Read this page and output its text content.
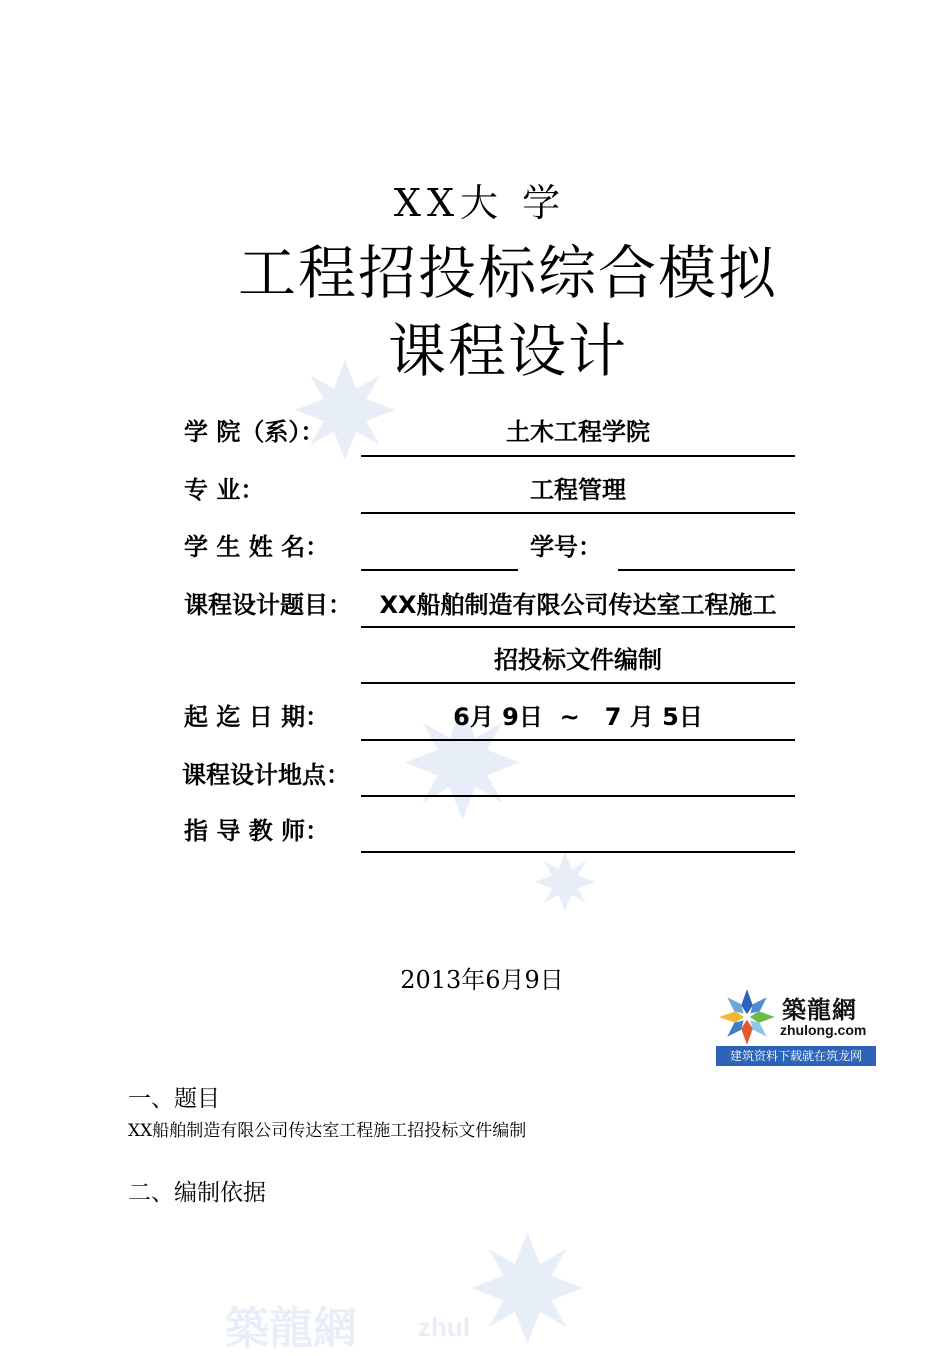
築龍網 zhul
XX大 学
工程招投标综合模拟
课程设计
学 院（系）：	土木工程学院
专 业：	工程管理
学 生 姓 名：	学号：
课程设计题目：	XX船舶制造有限公司传达室工程施工
招投标文件编制
起 迄 日 期：	6月 9日  ~   7 月 5日
课程设计地点：
指 导 教 师：
2013年6月9日
築龍網
zhulong.com
建筑资料下载就在筑龙网
一、题目
XX船舶制造有限公司传达室工程施工招投标文件编制
二、编制依据
